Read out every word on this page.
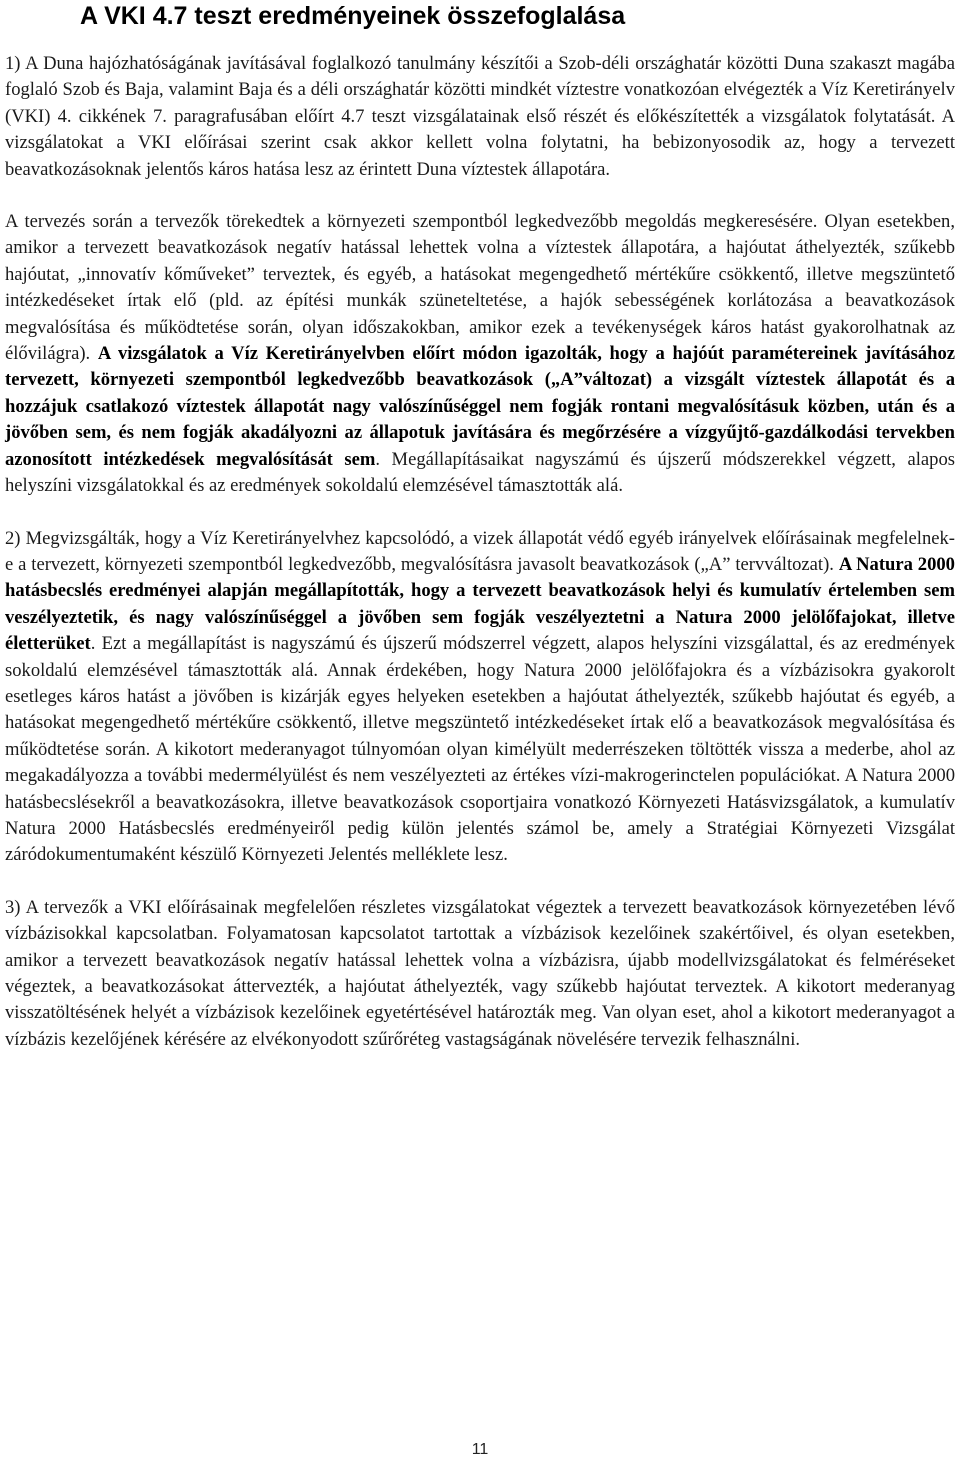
A VKI 4.7 teszt eredményeinek összefoglalása

1) A Duna hajózhatóságának javításával foglalkozó tanulmány készítői a Szob-déli országhatár közötti Duna szakaszt magába foglaló Szob és Baja, valamint Baja és a déli országhatár közötti mindkét víztestre vonatkozóan elvégezték a Víz Keretirányelv (VKI) 4. cikkének 7. paragrafusában előírt 4.7 teszt vizsgálatainak első részét és előkészítették a vizsgálatok folytatását. A vizsgálatokat a VKI előírásai szerint csak akkor kellett volna folytatni, ha bebizonyosodik az, hogy a tervezett beavatkozásoknak jelentős káros hatása lesz az érintett Duna víztestek állapotára.

A tervezés során a tervezők törekedtek a környezeti szempontból legkedvezőbb megoldás megkeresésére. Olyan esetekben, amikor a tervezett beavatkozások negatív hatással lehettek volna a víztestek állapotára, a hajóutat áthelyezték, szűkebb hajóutat, „innovatív kőműveket” terveztek, és egyéb, a hatásokat megengedhető mértékűre csökkentő, illetve megszüntető intézkedéseket írtak elő (pld. az építési munkák szüneteltetése, a hajók sebességének korlátozása a beavatkozások megvalósítása és működtetése során, olyan időszakokban, amikor ezek a tevékenységek káros hatást gyakorolhatnak az élővilágra). A vizsgálatok a Víz Keretirányelvben előírt módon igazolták, hogy a hajóút paramétereinek javításához tervezett, környezeti szempontból legkedvezőbb beavatkozások („A”változat) a vizsgált víztestek állapotát és a hozzájuk csatlakozó víztestek állapotát nagy valószínűséggel nem fogják rontani megvalósításuk közben, után és a jövőben sem, és nem fogják akadályozni az állapotuk javítására és megőrzésére a vízgyűjtő-gazdálkodási tervekben azonosított intézkedések megvalósítását sem. Megállapításaikat nagyszámú és újszerű módszerekkel végzett, alapos helyszíni vizsgálatokkal és az eredmények sokoldalú elemzésével támasztották alá.

2) Megvizsgálták, hogy a Víz Keretirányelvhez kapcsolódó, a vizek állapotát védő egyéb irányelvek előírásainak megfelelnek-e a tervezett, környezeti szempontból legkedvezőbb, megvalósításra javasolt beavatkozások („A” tervváltozat). A Natura 2000 hatásbecslés eredményei alapján megállapították, hogy a tervezett beavatkozások helyi és kumulatív értelemben sem veszélyeztetik, és nagy valószínűséggel a jövőben sem fogják veszélyeztetni a Natura 2000 jelölőfajokat, illetve életterüket. Ezt a megállapítást is nagyszámú és újszerű módszerrel végzett, alapos helyszíni vizsgálattal, és az eredmények sokoldalú elemzésével támasztották alá. Annak érdekében, hogy Natura 2000 jelölőfajokra és a vízbázisokra gyakorolt esetleges káros hatást a jövőben is kizárják egyes helyeken esetekben a hajóutat áthelyezték, szűkebb hajóutat és egyéb, a hatásokat megengedhető mértékűre csökkentő, illetve megszüntető intézkedéseket írtak elő a beavatkozások megvalósítása és működtetése során. A kikotort mederanyagot túlnyomóan olyan kimélyült mederrészeken töltötték vissza a mederbe, ahol az megakadályozza a további medermélyülést és nem veszélyezteti az értékes vízi-makrogerinctelen populációkat. A Natura 2000 hatásbecslésekről a beavatkozásokra, illetve beavatkozások csoportjaira vonatkozó Környezeti Hatásvizsgálatok, a kumulatív Natura 2000 Hatásbecslés eredményeiről pedig külön jelentés számol be, amely a Stratégiai Környezeti Vizsgálat záródokumentumaként készülő Környezeti Jelentés melléklete lesz.

3) A tervezők a VKI előírásainak megfelelően részletes vizsgálatokat végeztek a tervezett beavatkozások környezetében lévő vízbázisokkal kapcsolatban. Folyamatosan kapcsolatot tartottak a vízbázisok kezelőinek szakértőivel, és olyan esetekben, amikor a tervezett beavatkozások negatív hatással lehettek volna a vízbázisra, újabb modellvizsgálatokat és felméréseket végeztek, a beavatkozásokat áttervezték, a hajóutat áthelyezték, vagy szűkebb hajóutat terveztek. A kikotort mederanyag visszatöltésének helyét a vízbázisok kezelőinek egyetértésével határozták meg. Van olyan eset, ahol a kikotort mederanyagot a vízbázis kezelőjének kérésére az elvékonyodott szűrőréteg vastagságának növelésére tervezik felhasználni.

11
